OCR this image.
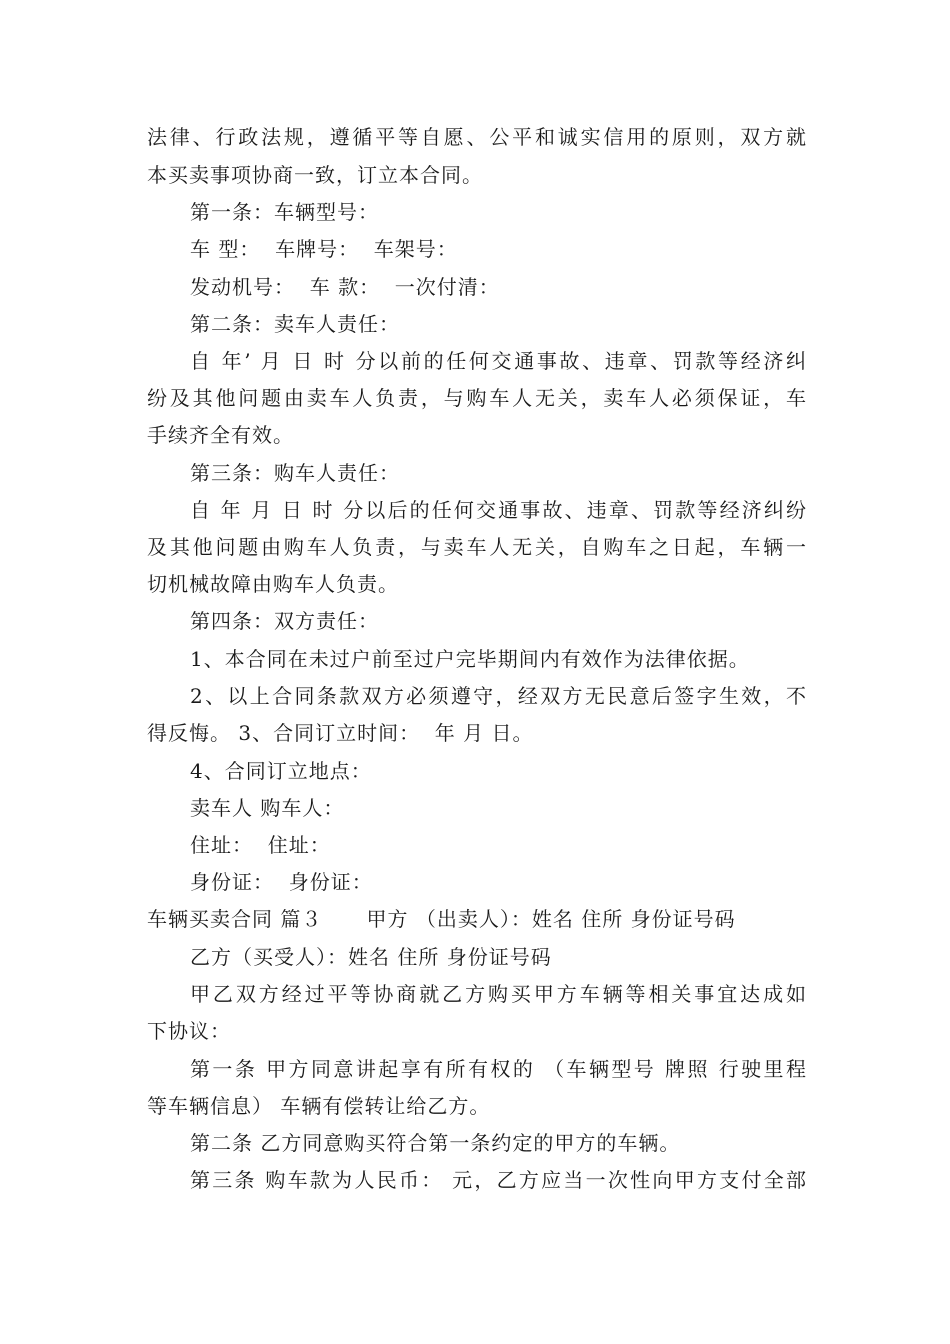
法律、行政法规，遵循平等自愿、公平和诚实信用的原则，双方就
本买卖事项协商一致，订立本合同。
第一条：车辆型号：
车 型：  车牌号：  车架号：
发动机号：  车 款：  一次付清：
第二条：卖车人责任：
自 年’ 月 日 时 分以前的任何交通事故、违章、罚款等经济纠
纷及其他问题由卖车人负责，与购车人无关，卖车人必须保证，车
手续齐全有效。
第三条：购车人责任：
自 年 月 日 时 分以后的任何交通事故、违章、罚款等经济纠纷
及其他问题由购车人负责，与卖车人无关，自购车之日起，车辆一
切机械故障由购车人负责。
第四条：双方责任：
1、本合同在未过户前至过户完毕期间内有效作为法律依据。
2、以上合同条款双方必须遵守，经双方无民意后签字生效，不
得反悔。 3、合同订立时间：  年 月 日。
4、合同订立地点：
卖车人 购车人：
住址：  住址：
身份证：  身份证：
车辆买卖合同 篇３      甲方 （出卖人）：姓名 住所 身份证号码
乙方（买受人）：姓名 住所 身份证号码
甲乙双方经过平等协商就乙方购买甲方车辆等相关事宜达成如
下协议：
第一条 甲方同意讲起享有所有权的 （车辆型号 牌照 行驶里程
等车辆信息） 车辆有偿转让给乙方。
第二条 乙方同意购买符合第一条约定的甲方的车辆。
第三条 购车款为人民币： 元，乙方应当一次性向甲方支付全部
